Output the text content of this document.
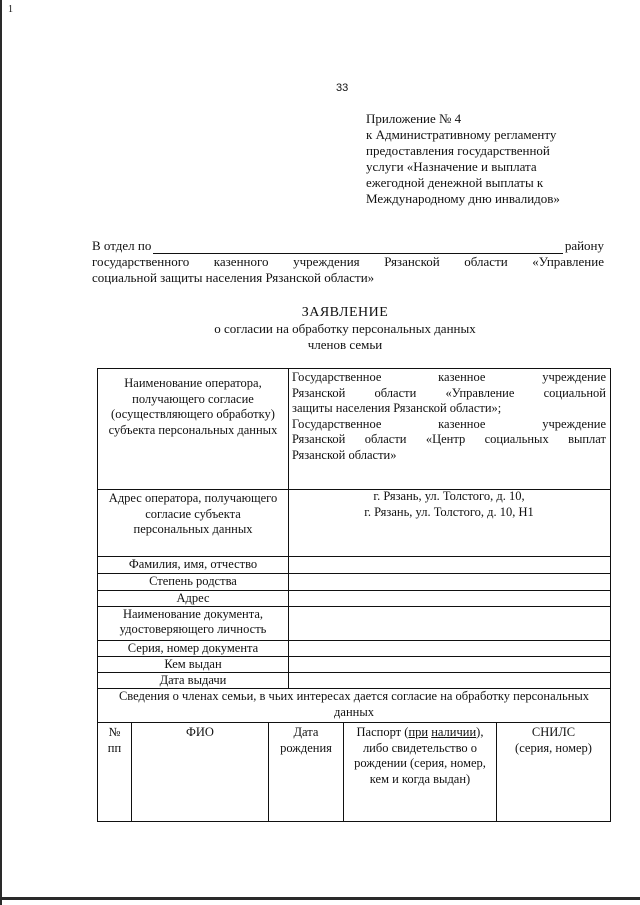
1
33
Приложение № 4
к Административному регламенту
предоставления государственной
услуги «Назначение и выплата
ежегодной денежной выплаты к
Международному дню инвалидов»
В отдел по	району
государственного казенного учреждения Рязанской области «Управление
социальной защиты населения Рязанской области»
ЗАЯВЛЕНИЕ
о согласии на обработку персональных данных
членов семьи
Наименование оператора, получающего согласие (осуществляющего обработку) субъекта персональных данных
Государственное казенное учреждение
Рязанской области «Управление социальной
защиты населения Рязанской области»;
Государственное казенное учреждение
Рязанской области «Центр социальных выплат
Рязанской области»
Адрес оператора, получающего согласие субъекта персональных данных
г. Рязань, ул. Толстого, д. 10,
г. Рязань, ул. Толстого, д. 10, Н1
Фамилия, имя, отчество
Степень родства
Адрес
Наименование документа, удостоверяющего личность
Серия, номер документа
Кем выдан
Дата выдачи
Сведения о членах семьи, в чьих интересах дается согласие на обработку персональных данных
№
пп
ФИО	Дата
рождения
Паспорт (при наличии), либо свидетельство о рождении (серия, номер, кем и когда выдан)
СНИЛС
(серия, номер)
